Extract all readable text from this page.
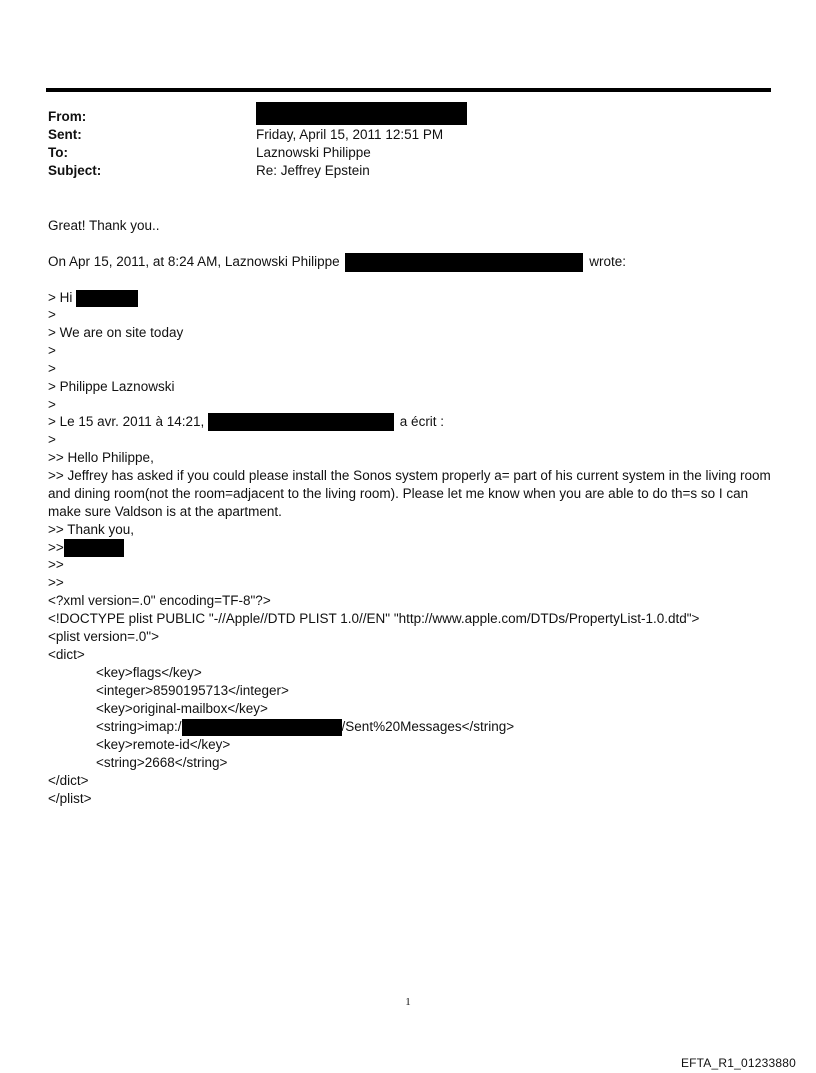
From:
Sent:	Friday, April 15, 2011 12:51 PM
To:	Laznowski Philippe
Subject:	Re: Jeffrey Epstein
Great! Thank you..
On Apr 15, 2011, at 8:24 AM, Laznowski Philippe	wrote:
> Hi
>
> We are on site today
>
>
> Philippe Laznowski
>
> Le 15 avr. 2011 à 14:21,	a écrit :
>
>> Hello Philippe,
>> Jeffrey has asked if you could please install the Sonos system properly a= part of his current system in the living room and dining room(not the room=adjacent to the living room). Please let me know when you are able to do th=s so I can make sure Valdson is at the apartment.
>> Thank you,
>>
>>
>>
<?xml version=.0" encoding=TF-8"?>
<!DOCTYPE plist PUBLIC "-//Apple//DTD PLIST 1.0//EN" "http://www.apple.com/DTDs/PropertyList-1.0.dtd">
<plist version=.0">
<dict>
<key>flags</key>
<integer>8590195713</integer>
<key>original-mailbox</key>
<string>imap:/	/Sent%20Messages</string>
<key>remote-id</key>
<string>2668</string>
</dict>
</plist>
1
EFTA_R1_01233880
